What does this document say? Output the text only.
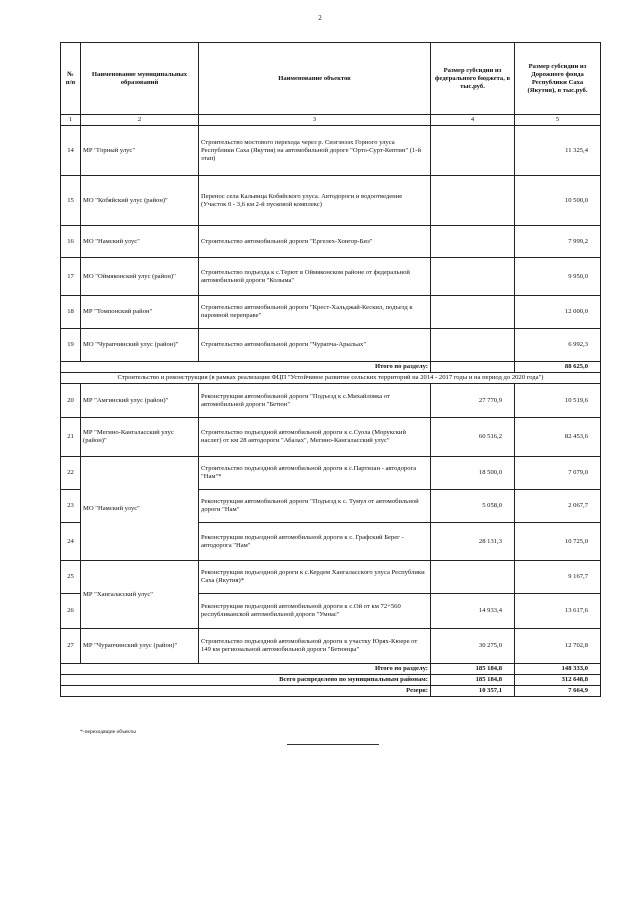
2
№
п/п	Наименование муниципальных образований	Наименование объектов	Размер субсидии из федерального бюджета, в тыс.руб.	Размер субсидии из Дорожного фонда Республики Саха (Якутия), в тыс.руб.
1	2	3	4	5
14	МР "Горный улус"	Строительство мостового перехода через р. Сиэгэнээх Горного улуса Республики Саха (Якутия) на автомобильной дороге "Орто-Сурт-Кептин" (1-й этап)		11 325,4
15	МО "Кобяйский улус (район)"	Перенос села Кальвица Кобяйского улуса. Автодороги и водоотведение (Участок 0 - 3,6 км 2-й пусковой комплекс)		10 500,0
16	МО "Намский улус"	Строительство автомобильной дороги "Ергелех-Хонгор-Биэ"		7 999,2
17	МО "Оймяконский улус (район)"	Строительство подъезда к с.Терют в Оймяконском районе от федеральной автомобильной дороги "Колыма"		9 950,0
18	МР "Томпонский район"	Строительство автомобильной дороги "Крест-Хальджай-Кескил, подъезд к паромной переправе"		12 000,0
19	МО "Чурапчинский улус (район)"	Строительство автомобильной дороги "Чурапча-Арыльах"		6 992,3
Итого по разделу:				88 625,0
Строительство и реконструкция (в рамках реализации ФЦП "Устойчивое развитие сельских территорий на 2014 - 2017 годы и на период до 2020 года")				
20	МР "Амгинский улус (район)"	Реконструкция автомобильной дороги "Подъезд к с.Михайловка от автомобильной дороги "Бетюн"	27 770,9	10 519,6
21	МР "Мегино-Кангаласский улус (район)"	Строительство подъездной автомобильной дороги к с.Суола (Морукский наслег) от км 28 автодороги "Абалах", Мегино-Кангаласский улус"	60 516,2	82 453,6
22	МО "Намский улус"	Строительство подъездной автомобильной дороги к с.Партизан - автодорога "Нам"*	18 500,0	7 079,0
23		Реконструкция автомобильной дороги "Подъезд к с. Тумул от автомобильной дороги "Нам"	5 058,0	2 067,7
24		Реконструкция подъездной автомобильной дороги к с. Графский Берег - автодорога "Нам"	28 131,3	10 725,0
25	МР "Хангаласский улус"	Реконструкция подъездной дороги к с.Кердем Хангаласского улуса Республики Саха (Якутия)*		9 167,7
26		Реконструкция подъездной автомобильной дороги к с.Ой от км 72+560 республиканской автомобильной дороги "Умнас"	14 933,4	13 617,6
27	МР "Чурапчинский улус (район)"	Строительство подъездной автомобильной дороги к участку Юрях-Кюере от 149 км региональной автомобильной дороги "Бетюнцы"	30 275,0	12 702,8
Итого по разделу:			185 184,8	148 333,0
Всего распределено по муниципальным районам:			185 184,8	312 648,8
Резерв:			10 357,1	7 664,9
*-переходящие объекты
